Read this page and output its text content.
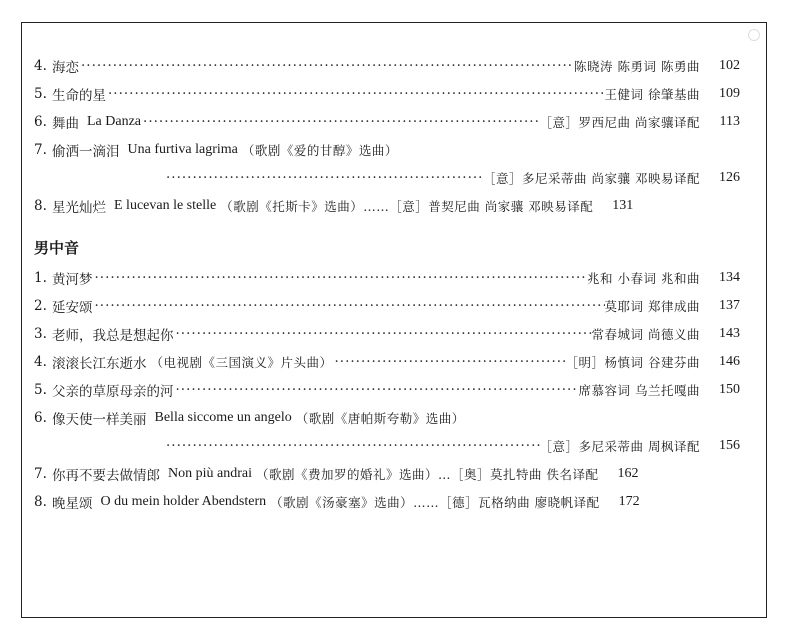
4. 海恋 ·····	陈晓涛 陈勇词 陈勇曲	102
5. 生命的星 ·····	王健词 徐肇基曲	109
6. 舞曲 La Danza ·····	［意］罗西尼曲 尚家骧译配	113
7. 偷洒一滴泪 Una furtiva lagrima （歌剧《爱的甘醇》选曲）
·····
［意］多尼采蒂曲 尚家骧 邓映易译配	126
8. 星光灿烂 E lucevan le stelle （歌剧《托斯卡》选曲）…… ［意］普契尼曲 尚家骧 邓映易译配	131
男中音
1. 黄河梦 ·····	兆和 小春词 兆和曲	134
2. 延安颂 ·····	莫耶词 郑律成曲	137
3. 老师，我总是想起你 ·····	常春城词 尚德义曲	143
4. 滚滚长江东逝水 （电视剧《三国演义》片头曲） ·····	［明］杨慎词 谷建芬曲	146
5. 父亲的草原母亲的河 ·····	席慕容词 乌兰托嘎曲	150
6. 像天使一样美丽 Bella siccome un angelo （歌剧《唐帕斯夸勒》选曲）
·····
［意］多尼采蒂曲 周枫译配	156
7. 你再不要去做情郎 Non più andrai （歌剧《费加罗的婚礼》选曲）… ［奥］莫扎特曲 佚名译配	162
8. 晚星颂 O du mein holder Abendstern （歌剧《汤豪塞》选曲）…… ［德］瓦格纳曲 廖晓帆译配	172
